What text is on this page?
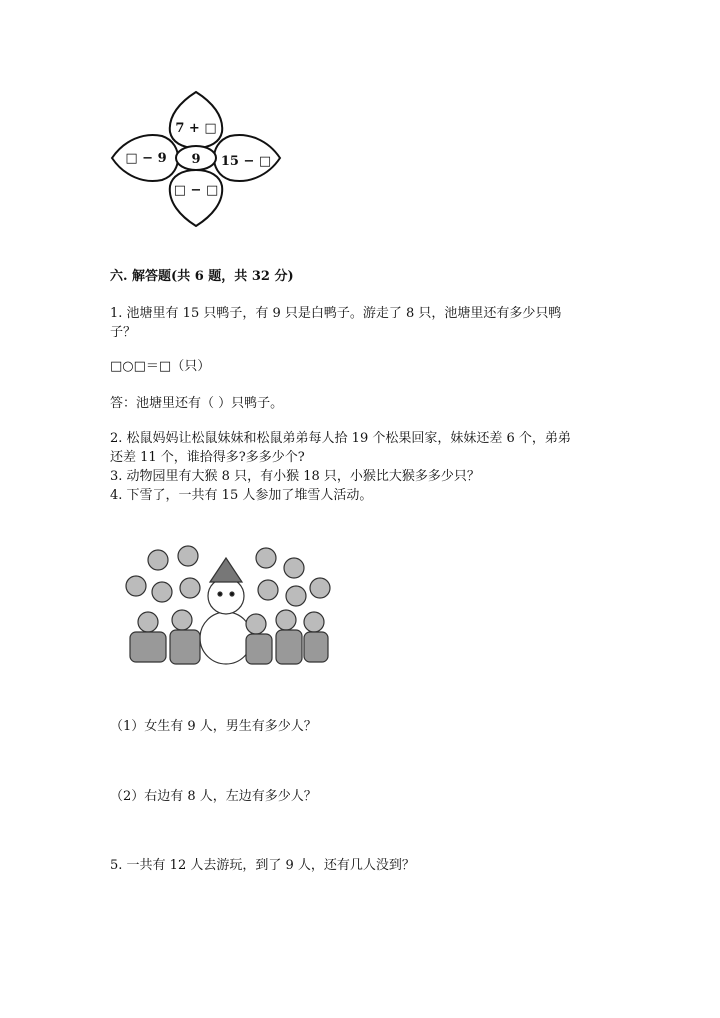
7 + □
□ − 9 9 15 − □
□ − □
六. 解答题(共 6 题，共 32 分)
1. 池塘里有 15 只鸭子，有 9 只是白鸭子。游走了 8 只，池塘里还有多少只鸭
子？
□○□＝□（只）
答：池塘里还有（ ）只鸭子。
2. 松鼠妈妈让松鼠妹妹和松鼠弟弟每人拾 19 个松果回家，妹妹还差 6 个，弟弟
还差 11 个，谁拾得多?多多少个?
3. 动物园里有大猴 8 只，有小猴 18 只，小猴比大猴多多少只？
4. 下雪了，一共有 15 人参加了堆雪人活动。
（1）女生有 9 人，男生有多少人？
（2）右边有 8 人，左边有多少人？
5. 一共有 12 人去游玩，到了 9 人，还有几人没到？
